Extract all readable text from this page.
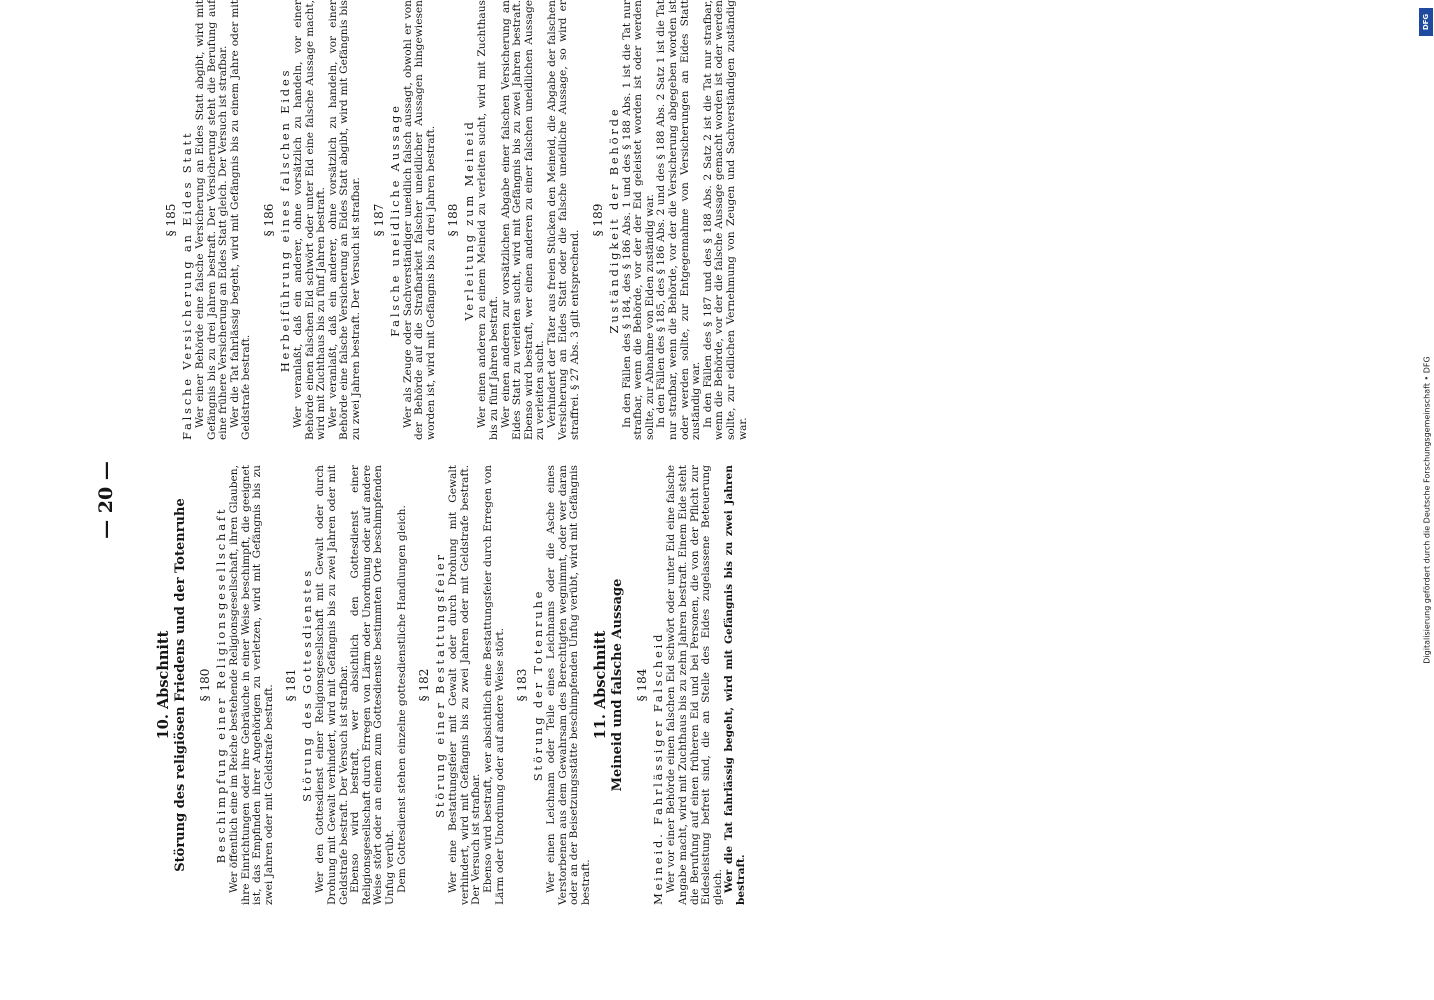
— 20 —
10. Abschnitt Störung des religiösen Friedens und der Totenruhe § 180 Beschimpfung einer Religionsgesellschaft Wer öffentlich eine im Reiche bestehende Religionsgesellschaft, ihren Glauben, ihre Einrichtungen oder ihre Gebräuche in einer Weise beschimpft, die geeignet ist, das Empfinden ihrer Angehörigen zu verletzen, wird mit Gefängnis bis zu zwei Jahren oder mit Geldstrafe bestraft. § 181 Störung des Gottesdienstes Wer den Gottesdienst einer Religionsgesellschaft mit Gewalt oder durch Drohung mit Gewalt verhindert, wird mit Gefängnis bis zu zwei Jahren oder mit Geldstrafe bestraft. Der Versuch ist strafbar. Ebenso wird bestraft, wer absichtlich den Gottesdienst einer Religionsgesellschaft durch Erregen von Lärm oder Unordnung oder auf andere Weise stört oder an einem zum Gottesdienste bestimmten Orte beschimpfenden Unfug verübt. Dem Gottesdienst stehen einzelne gottesdienstliche Handlungen gleich. § 182 Störung einer Bestattungsfeier Wer eine Bestattungsfeier mit Gewalt oder durch Drohung mit Gewalt verhindert, wird mit Gefängnis bis zu zwei Jahren oder mit Geldstrafe bestraft. Der Versuch ist strafbar. Ebenso wird bestraft, wer absichtlich eine Bestattungsfeier durch Erregen von Lärm oder Unordnung oder auf andere Weise stört. § 183 Störung der Totenruhe Wer einen Leichnam oder Teile eines Leichnams oder die Asche eines Verstorbenen aus dem Gewahrsam des Berechtigten wegnimmt, oder wer daran oder an der Beisetzungsstätte beschimpfenden Unfug verübt, wird mit Gefängnis bestraft.
11. Abschnitt Meineid und falsche Aussage § 184 Meineid. Fahrlässiger Falscheid Wer vor einer Behörde einen falschen Eid schwört oder unter Eid eine falsche Angabe macht, wird mit Zuchthaus bis zu zehn Jahren bestraft. Einem Eide steht die Berufung auf einen früheren Eid und bei Personen, die von der Pflicht zur Eidesleistung befreit sind, die an Stelle des Eides zugelassene Beteuerung gleich. Wer die Tat fahrlässig begeht, wird mit Gefängnis bis zu zwei Jahren bestraft.
§ 185 Falsche Versicherung an Eides Statt Wer einer Behörde eine falsche Versicherung an Eides Statt abgibt, wird mit Gefängnis bis zu drei Jahren bestraft. Der Versicherung steht die Berufung auf eine frühere Versicherung an Eides Statt gleich. Der Versuch ist strafbar. Wer die Tat fahrlässig begeht, wird mit Gefängnis bis zu einem Jahre oder mit Geldstrafe bestraft.
§ 186 Herbeiführung eines falschen Eides Wer veranlaßt, daß ein anderer, ohne vorsätzlich zu handeln, vor einer Behörde einen falschen Eid schwört oder unter Eid eine falsche Aussage macht, wird mit Zuchthaus bis zu fünf Jahren bestraft. Wer veranlaßt, daß ein anderer, ohne vorsätzlich zu handeln, vor einer Behörde eine falsche Versicherung an Eides Statt abgibt, wird mit Gefängnis bis zu zwei Jahren bestraft. Der Versuch ist strafbar. § 187 Falsche uneidliche Aussage Wer als Zeuge oder Sachverständiger uneidlich falsch aussagt, obwohl er von der Behörde auf die Strafbarkeit falscher uneidlicher Aussagen hingewiesen worden ist, wird mit Gefängnis bis zu drei Jahren bestraft. § 188 Verleitung zum Meineid Wer einen anderen zu einem Meineid zu verleiten sucht, wird mit Zuchthaus bis zu fünf Jahren bestraft. Wer einen anderen zur vorsätzlichen Abgabe einer falschen Versicherung an Eides Statt zu verleiten sucht, wird mit Gefängnis bis zu zwei Jahren bestraft. Ebenso wird bestraft, wer einen anderen zu einer falschen uneidlichen Aussage zu verleiten sucht. Verhindert der Täter aus freien Stücken den Meineid, die Abgabe der falschen Versicherung an Eides Statt oder die falsche uneidliche Aussage, so wird er straffrei. § 27 Abs. 3 gilt entsprechend.
§ 189 Zuständigkeit der Behörde In den Fällen des § 184, des § 186 Abs. 1 und des § 188 Abs. 1 ist die Tat nur strafbar, wenn die Behörde, vor der der Eid geleistet worden ist oder werden sollte, zur Abnahme von Eiden zuständig war. In den Fällen des § 185, des § 186 Abs. 2 und des § 188 Abs. 2 Satz 1 ist die Tat nur strafbar, wenn die Behörde, vor der die Versicherung abgegeben worden ist oder werden sollte, zur Entgegennahme von Versicherungen an Eides Statt zuständig war. In den Fällen des § 187 und des § 188 Abs. 2 Satz 2 ist die Tat nur strafbar, wenn die Behörde, vor der die falsche Aussage gemacht worden ist oder werden sollte, zur eidlichen Vernehmung von Zeugen und Sachverständigen zuständig war.	Digitalisierung gefördert durch die Deutsche Forschungsgemeinschaft • DFG
DFG
